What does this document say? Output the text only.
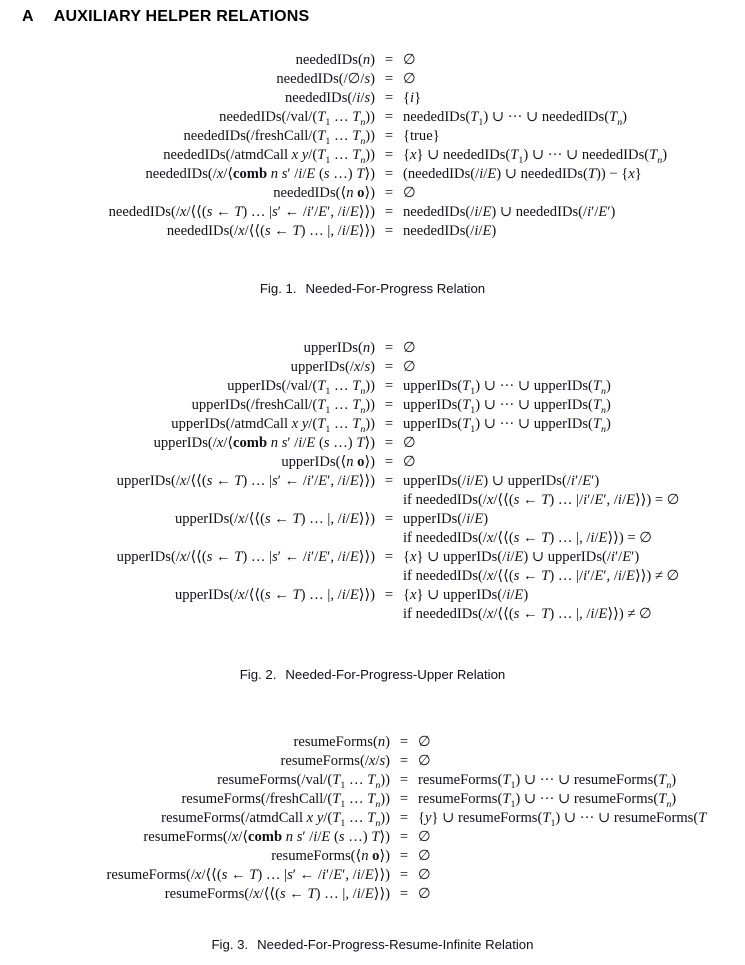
A AUXILIARY HELPER RELATIONS
neededIDs(n) = ∅
neededIDs(/∅/s) = ∅
neededIDs(/i/s) = {i}
$neededIDs(/val/(T_1$ … $T_n$)) = $neededIDs(T_1)$ ∪ ··· ∪ $neededIDs(T_n)$
$neededIDs(/freshCall/(T_1$ … $T_n$)) = {true}
neededIDs(/atmdCall x $y/(T_1$ … $T_n)) = \{x\}$ ∪ $neededIDs(T_1)$ ∪ ··· ∪ $neededIDs(T_n)$
neededIDs(/x/⟨comb n s′ /i/E (s …) T⟩) = (neededIDs(/i/E) ∪ neededIDs(T)) − {x}
neededIDs(⟨n o⟩) = ∅
neededIDs(/x/⟨⟨(s ← T) … |s′ ← /i′/E′, /i/E⟩⟩) = neededIDs(/i/E) ∪ neededIDs(/i′/E′)
neededIDs(/x/⟨⟨(s ← T) … |, /i/E⟩⟩) = neededIDs(/i/E)
Fig. 1. Needed-For-Progress Relation
upperIDs(n) = ∅
upperIDs(/x/s) = ∅
$upperIDs(/val/(T_1$ … $T_n$)) = $upperIDs(T_1)$ ∪ ··· ∪ $upperIDs(T_n)$
$upperIDs(/freshCall/(T_1$ … $T_n$)) = $upperIDs(T_1)$ ∪ ··· ∪ $upperIDs(T_n)$
upperIDs(/atmdCall x $y/(T_1$ … $T_n$)) = $upperIDs(T_1)$ ∪ ··· ∪ $upperIDs(T_n)$
upperIDs(/x/⟨comb n s′ /i/E (s …) T⟩) = ∅
upperIDs(⟨n o⟩) = ∅
upperIDs(/x/⟨⟨(s ← T) … |s′ ← /i′/E′, /i/E⟩⟩) = upperIDs(/i/E) ∪ upperIDs(/i′/E′)
if neededIDs(/x/⟨⟨(s ← T) … |/i′/E′, /i/E⟩⟩) = ∅
upperIDs(/x/⟨⟨(s ← T) … |, /i/E⟩⟩) = upperIDs(/i/E)
if neededIDs(/x/⟨⟨(s ← T) … |, /i/E⟩⟩) = ∅
upperIDs(/x/⟨⟨(s ← T) … |s′ ← /i′/E′, /i/E⟩⟩) = {x} ∪ upperIDs(/i/E) ∪ upperIDs(/i′/E′)
if neededIDs(/x/⟨⟨(s ← T) … |/i′/E′, /i/E⟩⟩) ≠ ∅
upperIDs(/x/⟨⟨(s ← T) … |, /i/E⟩⟩) = {x} ∪ upperIDs(/i/E)
if neededIDs(/x/⟨⟨(s ← T) … |, /i/E⟩⟩) ≠ ∅
Fig. 2. Needed-For-Progress-Upper Relation
resumeForms(n) = ∅
resumeForms(/x/s) = ∅
$resumeForms(/val/(T_1$ … $T_n$)) = $resumeForms(T_1)$ ∪ ··· ∪ $resumeForms(T_n)$
$resumeForms(/freshCall/(T_1$ … $T_n$)) = $resumeForms(T_1)$ ∪ ··· ∪ $resumeForms(T_n)$
resumeForms(/atmdCall x $y/(T_1$ … $T_n)) = \{y\}$ ∪ $resumeForms(T_1)$ ∪ ··· ∪ resumeForms(T
resumeForms(/x/⟨comb n s′ /i/E (s …) T⟩) = ∅
resumeForms(⟨n o⟩) = ∅
resumeForms(/x/⟨⟨(s ← T) … |s′ ← /i′/E′, /i/E⟩⟩) = ∅
resumeForms(/x/⟨⟨(s ← T) … |, /i/E⟩⟩) = ∅
Fig. 3. Needed-For-Progress-Resume-Infinite Relation
